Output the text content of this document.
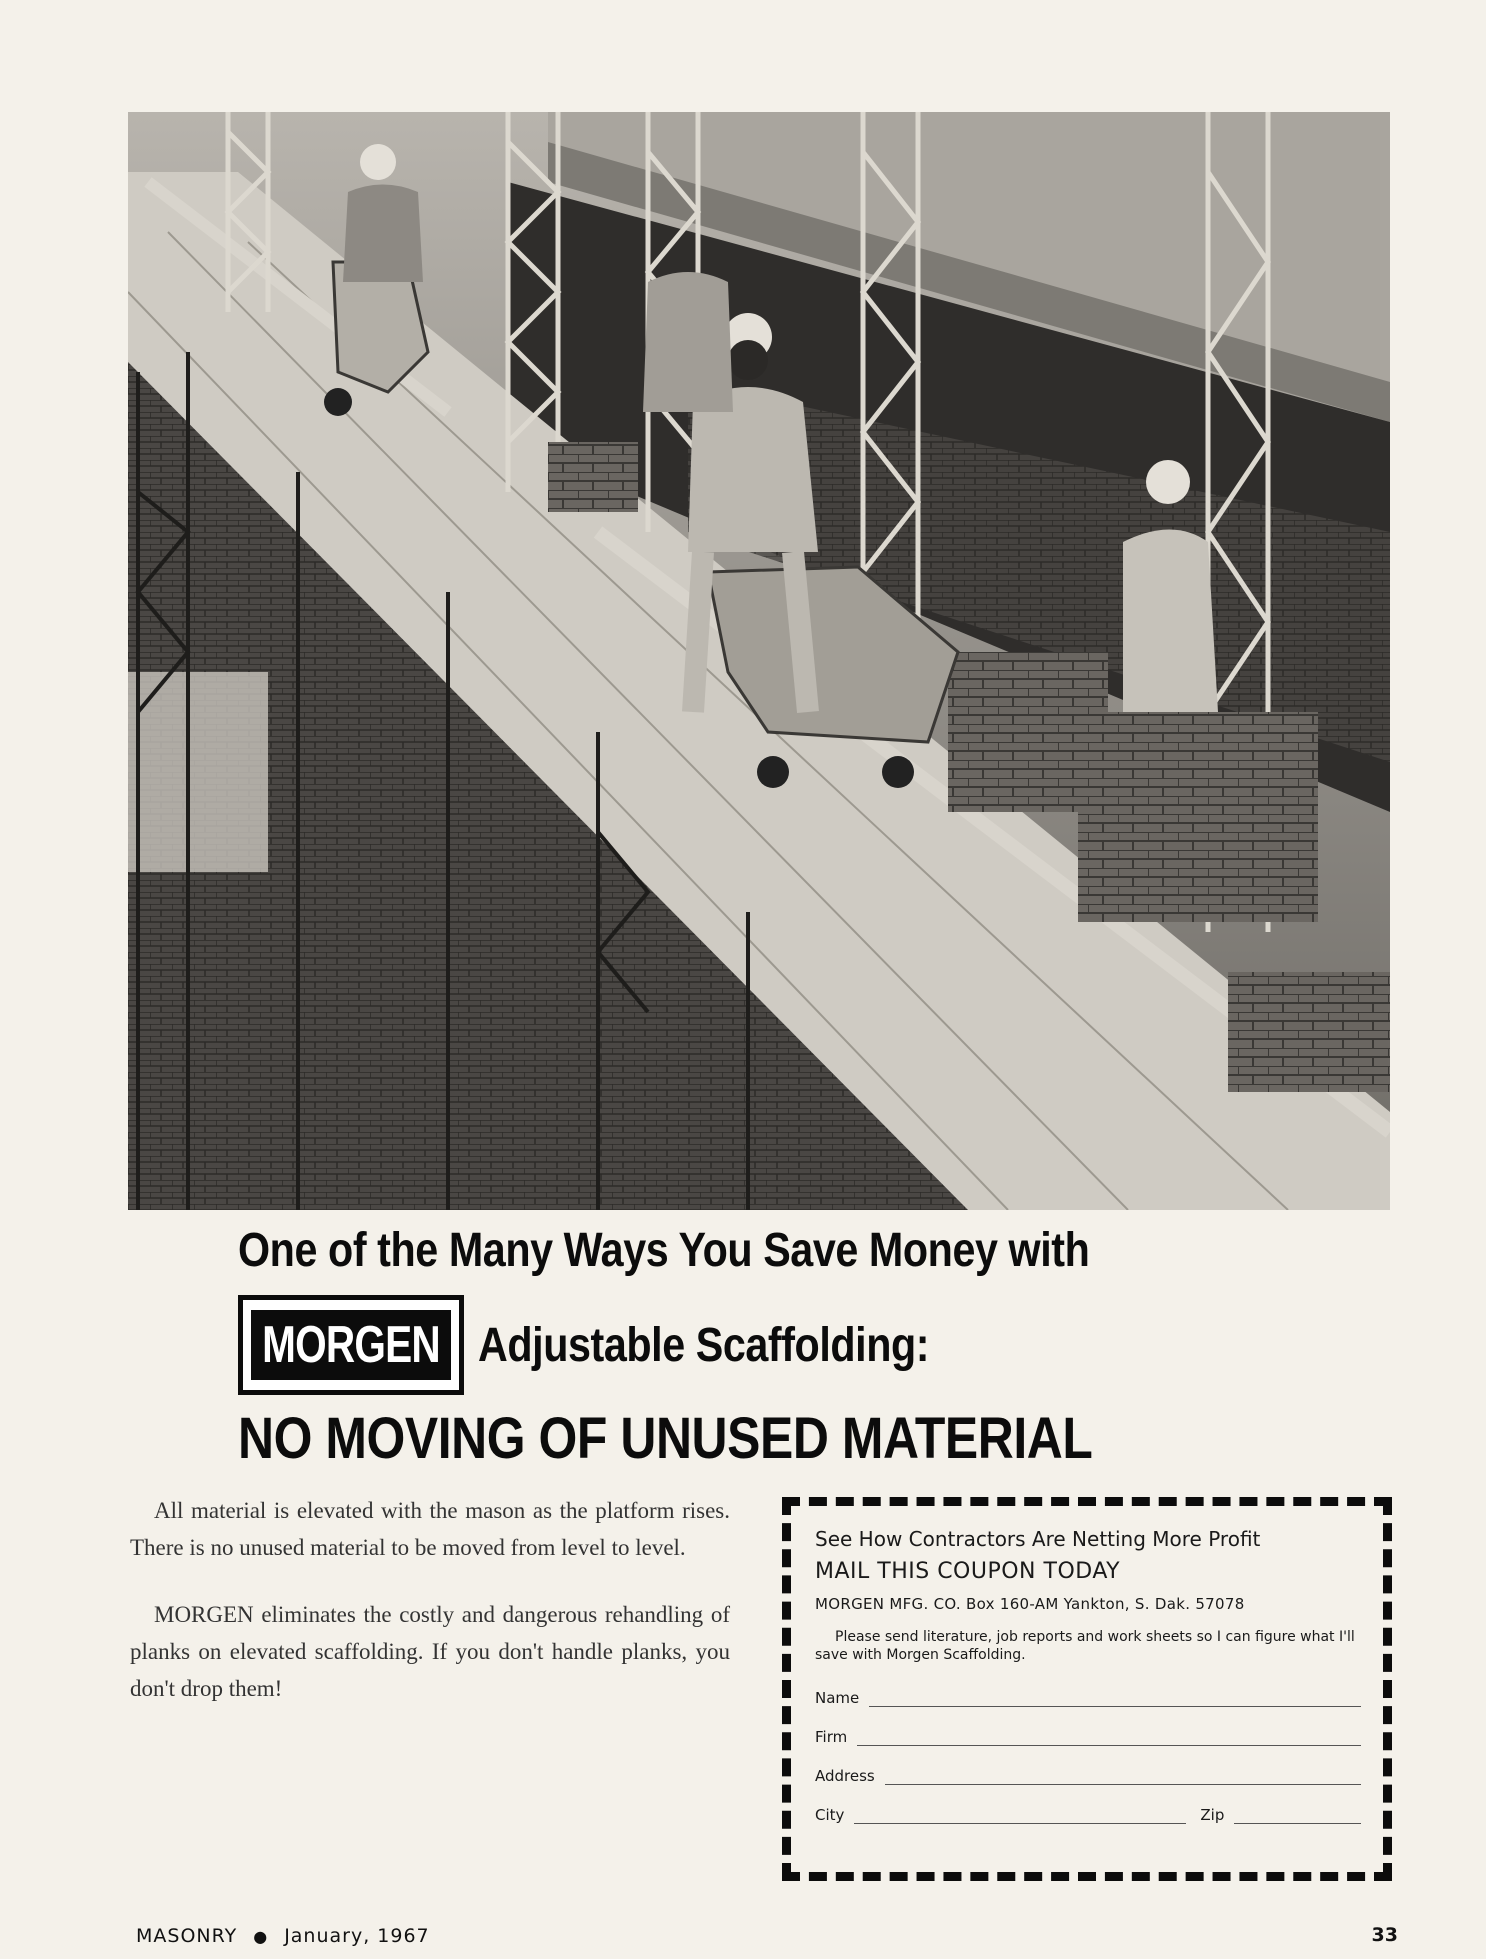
One of the Many Ways You Save Money with
MORGEN Adjustable Scaffolding:
NO MOVING OF UNUSED MATERIAL

All material is elevated with the mason as the platform rises. There is no unused material to be moved from level to level.

MORGEN eliminates the costly and dangerous rehandling of planks on elevated scaffolding. If you don't handle planks, you don't drop them!

See How Contractors Are Netting More Profit
MAIL THIS COUPON TODAY
MORGEN MFG. CO. Box 160-AM Yankton, S. Dak. 57078
Please send literature, job reports and work sheets so I can figure what I'll save with Morgen Scaffolding.
Name
Firm
Address
City	Zip
MASONRY ● January, 1967	33
